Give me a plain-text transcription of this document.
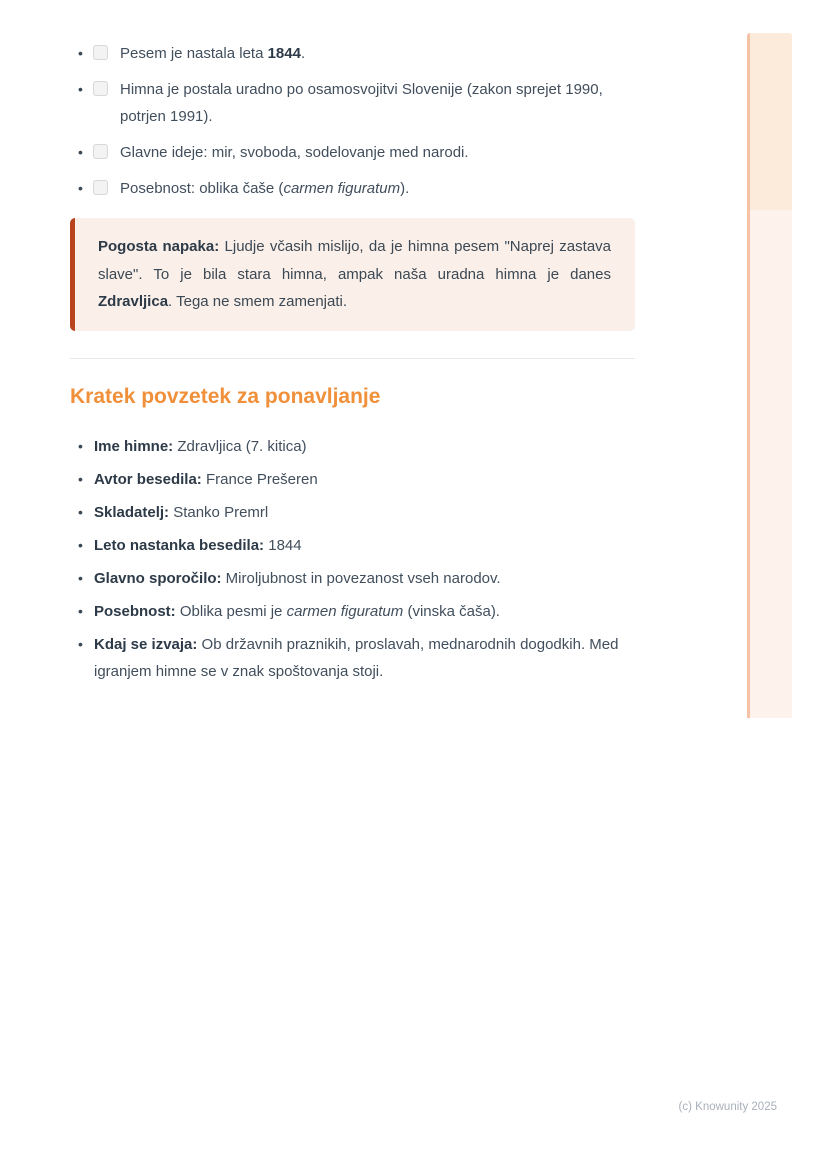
• Pesem je nastala leta 1844.
• Himna je postala uradno po osamosvojitvi Slovenije (zakon sprejet 1990, potrjen 1991).
• Glavne ideje: mir, svoboda, sodelovanje med narodi.
• Posebnost: oblika čaše (carmen figuratum).
Pogosta napaka: Ljudje včasih mislijo, da je himna pesem "Naprej zastava slave". To je bila stara himna, ampak naša uradna himna je danes Zdravljica. Tega ne smem zamenjati.
Kratek povzetek za ponavljanje
• Ime himne: Zdravljica (7. kitica)
• Avtor besedila: France Prešeren
• Skladatelj: Stanko Premrl
• Leto nastanka besedila: 1844
• Glavno sporočilo: Miroljubnost in povezanost vseh narodov.
• Posebnost: Oblika pesmi je carmen figuratum (vinska čaša).
• Kdaj se izvaja: Ob državnih praznikih, proslavah, mednarodnih dogodkih. Med igranjem himne se v znak spoštovanja stoji.
(c) Knowunity 2025
